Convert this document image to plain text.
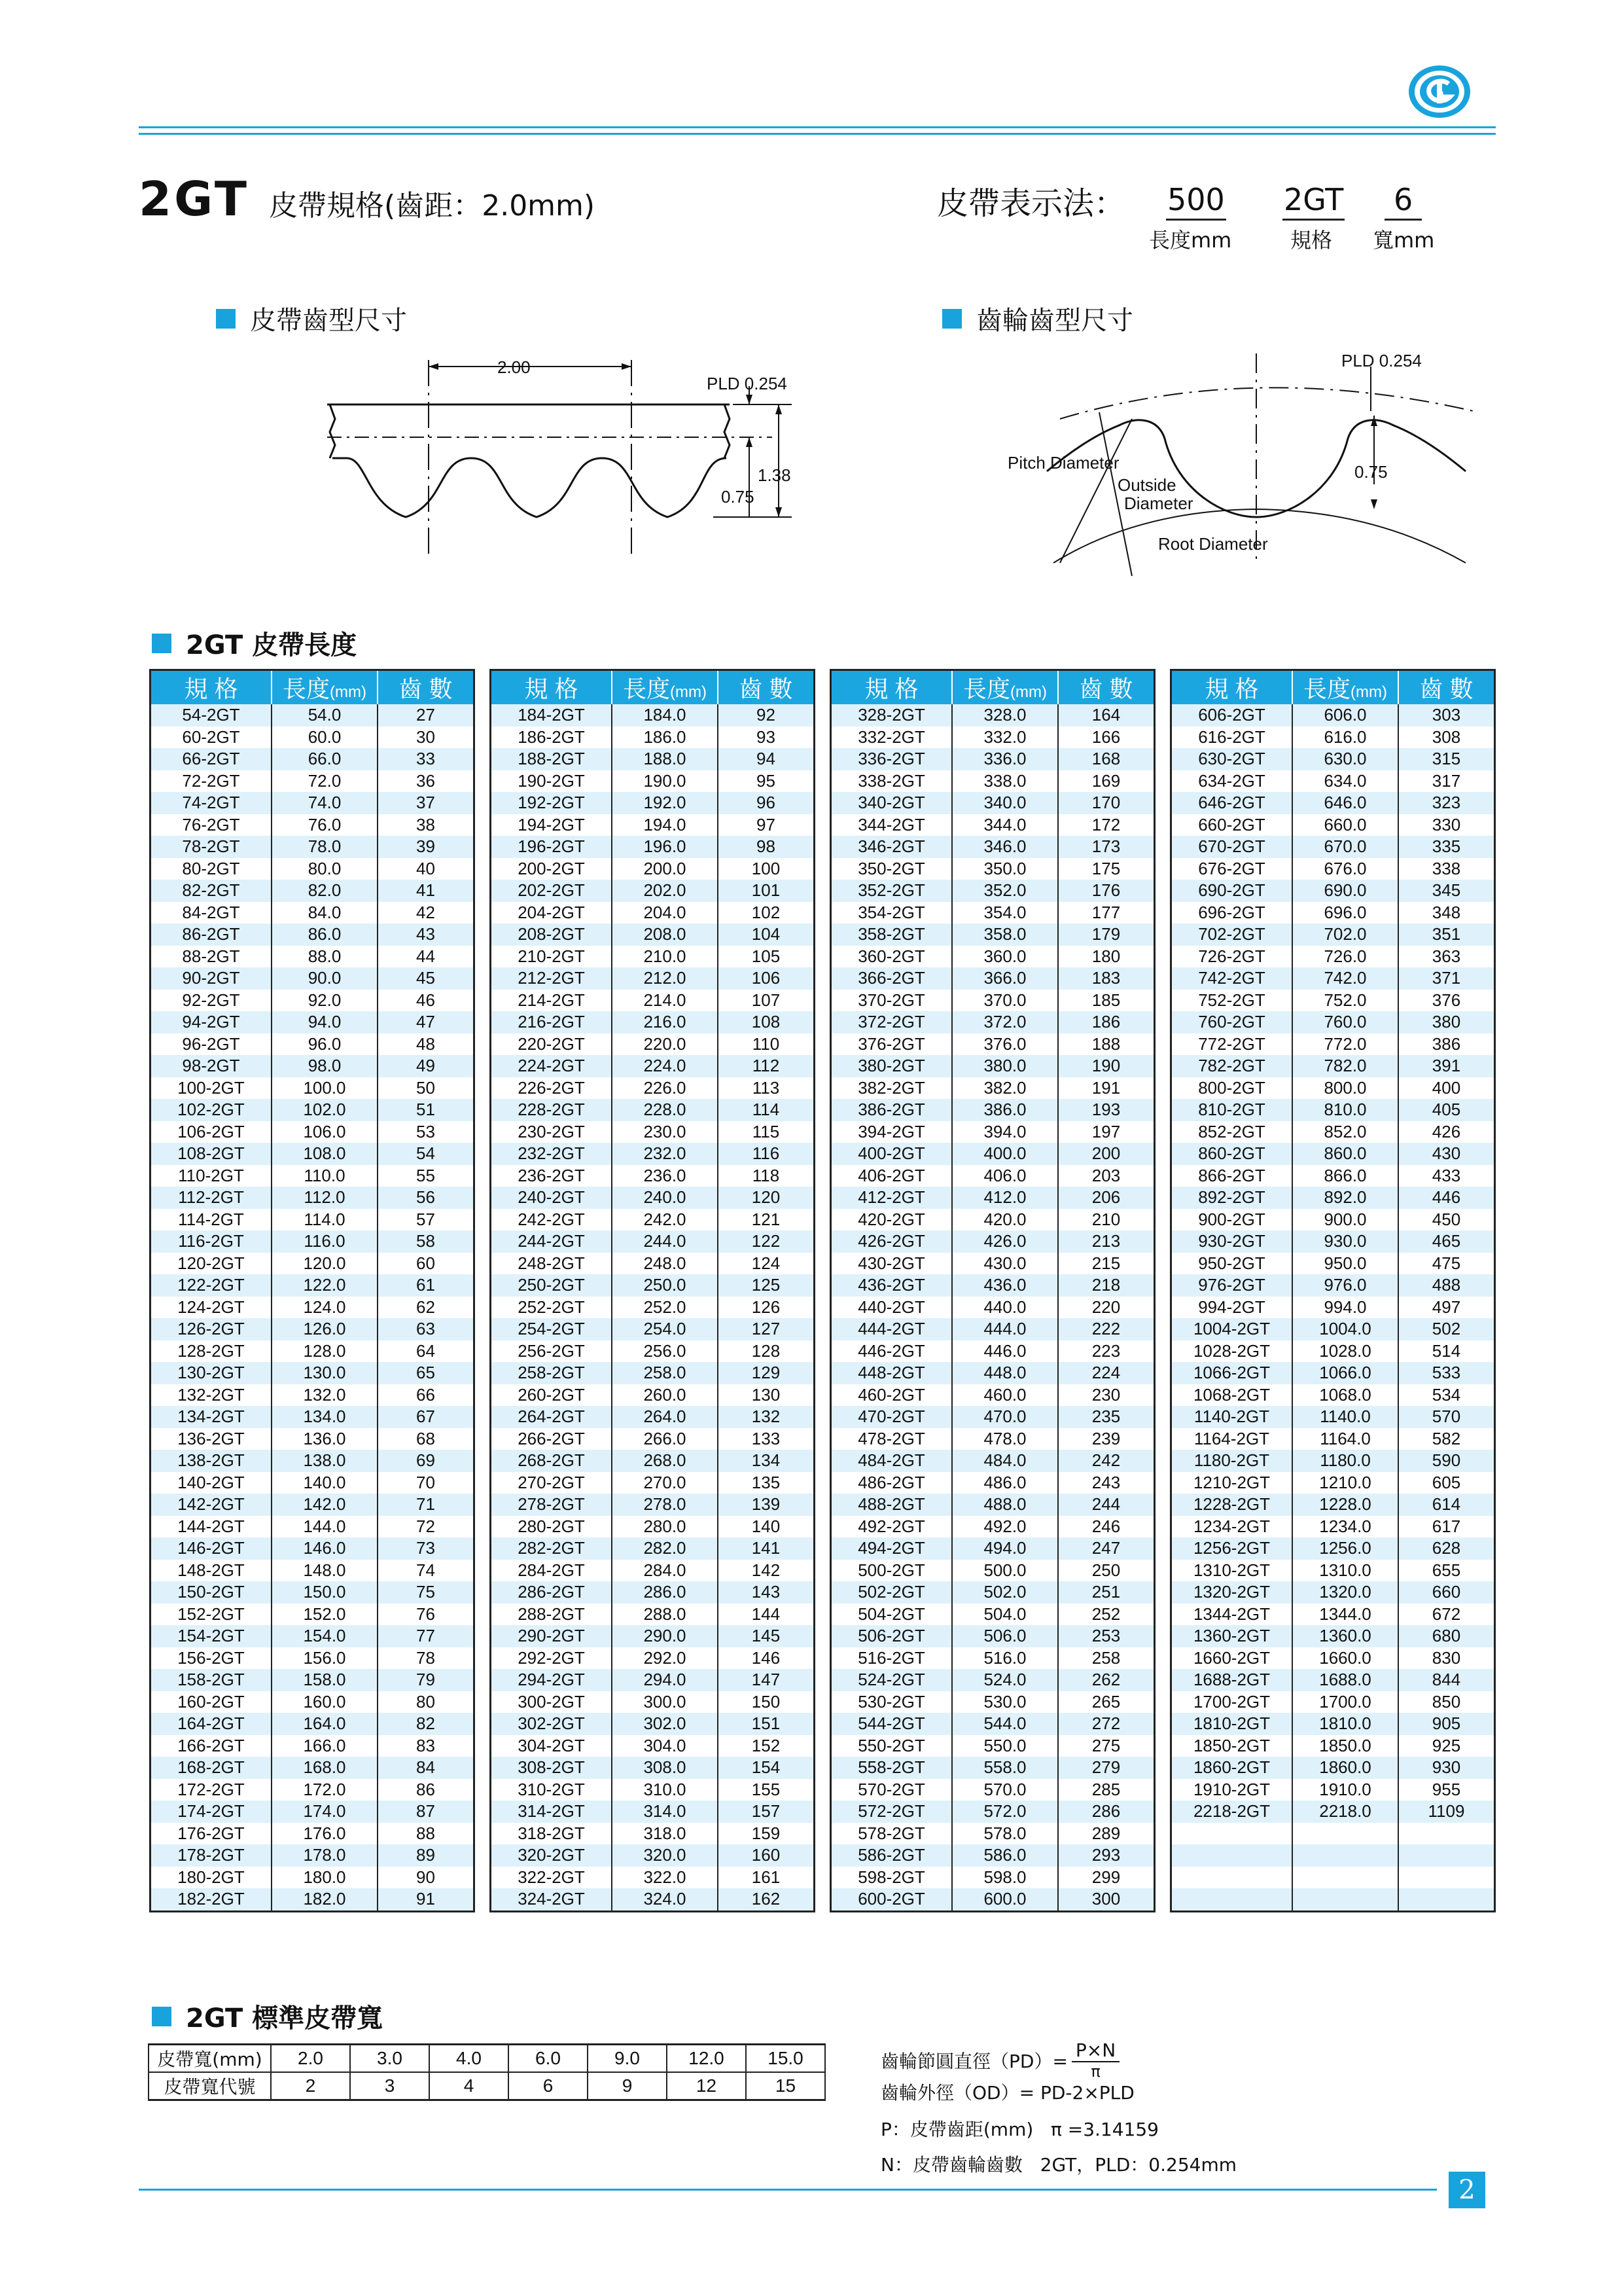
2GT 皮帶規格(齒距：2.0mm)	皮帶表示法： 500 2GT	6
長度mm	規格 寬mm
皮帶齒型尺寸	齒輪齒型尺寸
2.00
PLD 0.254
1.38
0.75
PLD 0.254
0.75
Pitch Diameter
Outside
Diameter
Root Diameter
2GT 皮帶長度
規 格	長度(mm)	齒 數
54-2GT	54.0	27
60-2GT	60.0	30
66-2GT	66.0	33
72-2GT	72.0	36
74-2GT	74.0	37
76-2GT	76.0	38
78-2GT	78.0	39
80-2GT	80.0	40
82-2GT	82.0	41
84-2GT	84.0	42
86-2GT	86.0	43
88-2GT	88.0	44
90-2GT	90.0	45
92-2GT	92.0	46
94-2GT	94.0	47
96-2GT	96.0	48
98-2GT	98.0	49
100-2GT	100.0	50
102-2GT	102.0	51
106-2GT	106.0	53
108-2GT	108.0	54
110-2GT	110.0	55
112-2GT	112.0	56
114-2GT	114.0	57
116-2GT	116.0	58
120-2GT	120.0	60
122-2GT	122.0	61
124-2GT	124.0	62
126-2GT	126.0	63
128-2GT	128.0	64
130-2GT	130.0	65
132-2GT	132.0	66
134-2GT	134.0	67
136-2GT	136.0	68
138-2GT	138.0	69
140-2GT	140.0	70
142-2GT	142.0	71
144-2GT	144.0	72
146-2GT	146.0	73
148-2GT	148.0	74
150-2GT	150.0	75
152-2GT	152.0	76
154-2GT	154.0	77
156-2GT	156.0	78
158-2GT	158.0	79
160-2GT	160.0	80
164-2GT	164.0	82
166-2GT	166.0	83
168-2GT	168.0	84
172-2GT	172.0	86
174-2GT	174.0	87
176-2GT	176.0	88
178-2GT	178.0	89
180-2GT	180.0	90
182-2GT	182.0	91
規 格	長度(mm)	齒 數
184-2GT	184.0	92
186-2GT	186.0	93
188-2GT	188.0	94
190-2GT	190.0	95
192-2GT	192.0	96
194-2GT	194.0	97
196-2GT	196.0	98
200-2GT	200.0	100
202-2GT	202.0	101
204-2GT	204.0	102
208-2GT	208.0	104
210-2GT	210.0	105
212-2GT	212.0	106
214-2GT	214.0	107
216-2GT	216.0	108
220-2GT	220.0	110
224-2GT	224.0	112
226-2GT	226.0	113
228-2GT	228.0	114
230-2GT	230.0	115
232-2GT	232.0	116
236-2GT	236.0	118
240-2GT	240.0	120
242-2GT	242.0	121
244-2GT	244.0	122
248-2GT	248.0	124
250-2GT	250.0	125
252-2GT	252.0	126
254-2GT	254.0	127
256-2GT	256.0	128
258-2GT	258.0	129
260-2GT	260.0	130
264-2GT	264.0	132
266-2GT	266.0	133
268-2GT	268.0	134
270-2GT	270.0	135
278-2GT	278.0	139
280-2GT	280.0	140
282-2GT	282.0	141
284-2GT	284.0	142
286-2GT	286.0	143
288-2GT	288.0	144
290-2GT	290.0	145
292-2GT	292.0	146
294-2GT	294.0	147
300-2GT	300.0	150
302-2GT	302.0	151
304-2GT	304.0	152
308-2GT	308.0	154
310-2GT	310.0	155
314-2GT	314.0	157
318-2GT	318.0	159
320-2GT	320.0	160
322-2GT	322.0	161
324-2GT	324.0	162
規 格	長度(mm)	齒 數
328-2GT	328.0	164
332-2GT	332.0	166
336-2GT	336.0	168
338-2GT	338.0	169
340-2GT	340.0	170
344-2GT	344.0	172
346-2GT	346.0	173
350-2GT	350.0	175
352-2GT	352.0	176
354-2GT	354.0	177
358-2GT	358.0	179
360-2GT	360.0	180
366-2GT	366.0	183
370-2GT	370.0	185
372-2GT	372.0	186
376-2GT	376.0	188
380-2GT	380.0	190
382-2GT	382.0	191
386-2GT	386.0	193
394-2GT	394.0	197
400-2GT	400.0	200
406-2GT	406.0	203
412-2GT	412.0	206
420-2GT	420.0	210
426-2GT	426.0	213
430-2GT	430.0	215
436-2GT	436.0	218
440-2GT	440.0	220
444-2GT	444.0	222
446-2GT	446.0	223
448-2GT	448.0	224
460-2GT	460.0	230
470-2GT	470.0	235
478-2GT	478.0	239
484-2GT	484.0	242
486-2GT	486.0	243
488-2GT	488.0	244
492-2GT	492.0	246
494-2GT	494.0	247
500-2GT	500.0	250
502-2GT	502.0	251
504-2GT	504.0	252
506-2GT	506.0	253
516-2GT	516.0	258
524-2GT	524.0	262
530-2GT	530.0	265
544-2GT	544.0	272
550-2GT	550.0	275
558-2GT	558.0	279
570-2GT	570.0	285
572-2GT	572.0	286
578-2GT	578.0	289
586-2GT	586.0	293
598-2GT	598.0	299
600-2GT	600.0	300
規 格	長度(mm)	齒 數
606-2GT	606.0	303
616-2GT	616.0	308
630-2GT	630.0	315
634-2GT	634.0	317
646-2GT	646.0	323
660-2GT	660.0	330
670-2GT	670.0	335
676-2GT	676.0	338
690-2GT	690.0	345
696-2GT	696.0	348
702-2GT	702.0	351
726-2GT	726.0	363
742-2GT	742.0	371
752-2GT	752.0	376
760-2GT	760.0	380
772-2GT	772.0	386
782-2GT	782.0	391
800-2GT	800.0	400
810-2GT	810.0	405
852-2GT	852.0	426
860-2GT	860.0	430
866-2GT	866.0	433
892-2GT	892.0	446
900-2GT	900.0	450
930-2GT	930.0	465
950-2GT	950.0	475
976-2GT	976.0	488
994-2GT	994.0	497
1004-2GT	1004.0	502
1028-2GT	1028.0	514
1066-2GT	1066.0	533
1068-2GT	1068.0	534
1140-2GT	1140.0	570
1164-2GT	1164.0	582
1180-2GT	1180.0	590
1210-2GT	1210.0	605
1228-2GT	1228.0	614
1234-2GT	1234.0	617
1256-2GT	1256.0	628
1310-2GT	1310.0	655
1320-2GT	1320.0	660
1344-2GT	1344.0	672
1360-2GT	1360.0	680
1660-2GT	1660.0	830
1688-2GT	1688.0	844
1700-2GT	1700.0	850
1810-2GT	1810.0	905
1850-2GT	1850.0	925
1860-2GT	1860.0	930
1910-2GT	1910.0	955
2218-2GT	2218.0	1109

2GT 標準皮帶寬
皮帶寬(mm)	2.0	3.0	4.0	6.0	9.0	12.0	15.0
皮帶寬代號	2	3	4	6	9	12	15
齒輪節圓直徑$(PD)= \frac{P\times N}{\pi}$
齒輪外徑（OD）= PD-2×PLD
P：皮帶齒距(mm)   π =3.14159
N：皮帶齒輪齒數   2GT，PLD：0.254mm
2
